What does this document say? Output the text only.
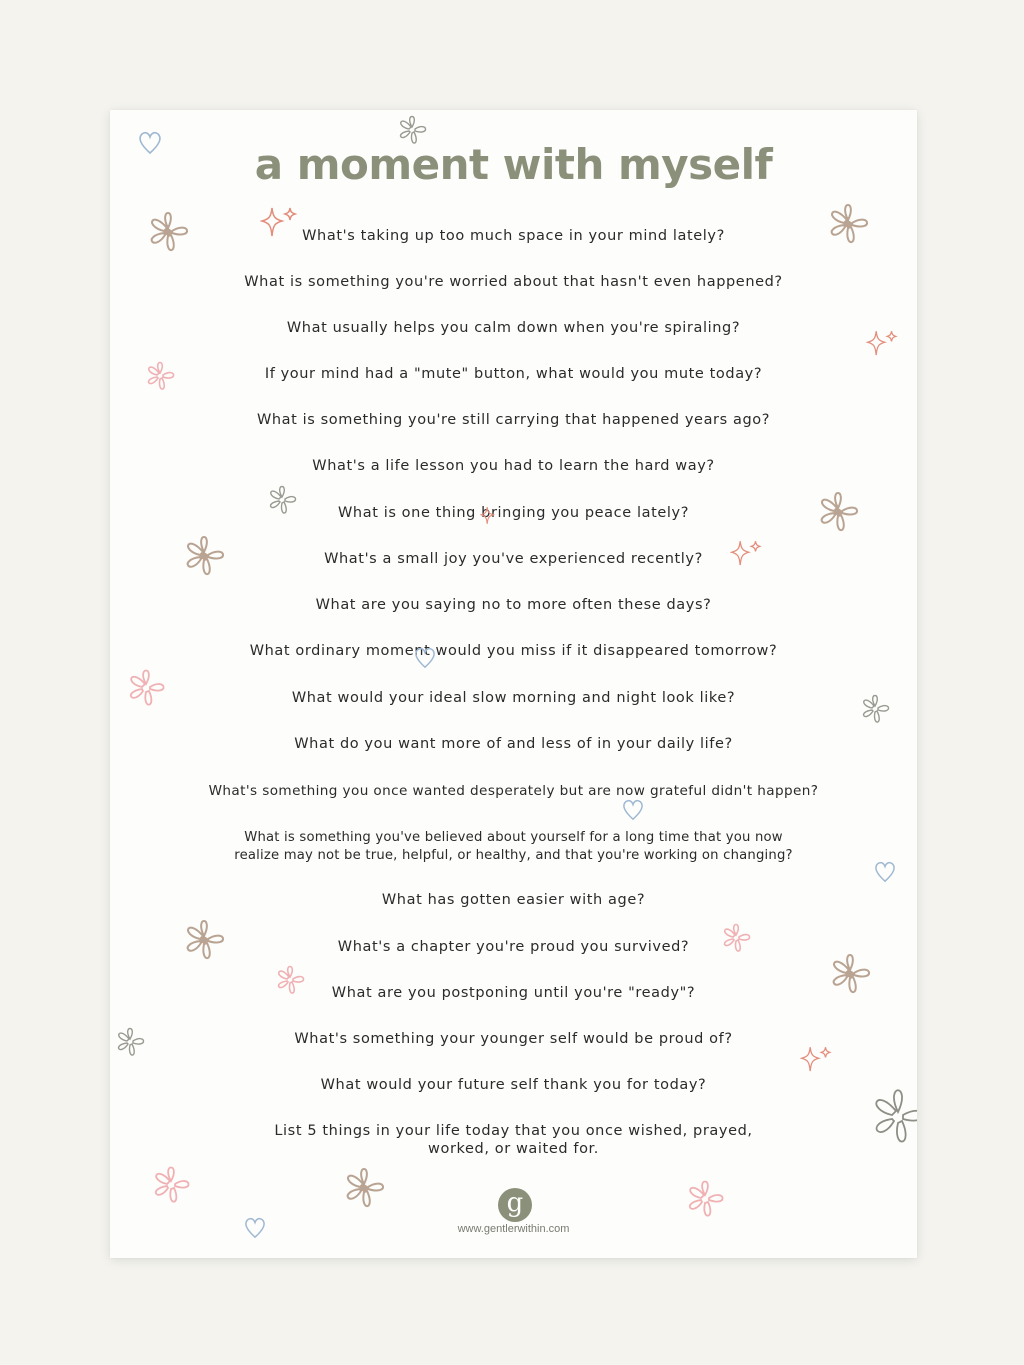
a moment with myself

What's taking up too much space in your mind lately?

What is something you're worried about that hasn't even happened?

What usually helps you calm down when you're spiraling?

If your mind had a "mute" button, what would you mute today?

What is something you're still carrying that happened years ago?

What's a life lesson you had to learn the hard way?

What is one thing bringing you peace lately?

What's a small joy you've experienced recently?

What are you saying no to more often these days?

What ordinary moment would you miss if it disappeared tomorrow?

What would your ideal slow morning and night look like?

What do you want more of and less of in your daily life?

What's something you once wanted desperately but are now grateful didn't happen?

What is something you've believed about yourself for a long time that you now
realize may not be true, helpful, or healthy, and that you're working on changing?

What has gotten easier with age?

What's a chapter you're proud you survived?

What are you postponing until you're "ready"?

What's something your younger self would be proud of?

What would your future self thank you for today?

List 5 things in your life today that you once wished, prayed,
worked, or waited for.

g

www.gentlerwithin.com
